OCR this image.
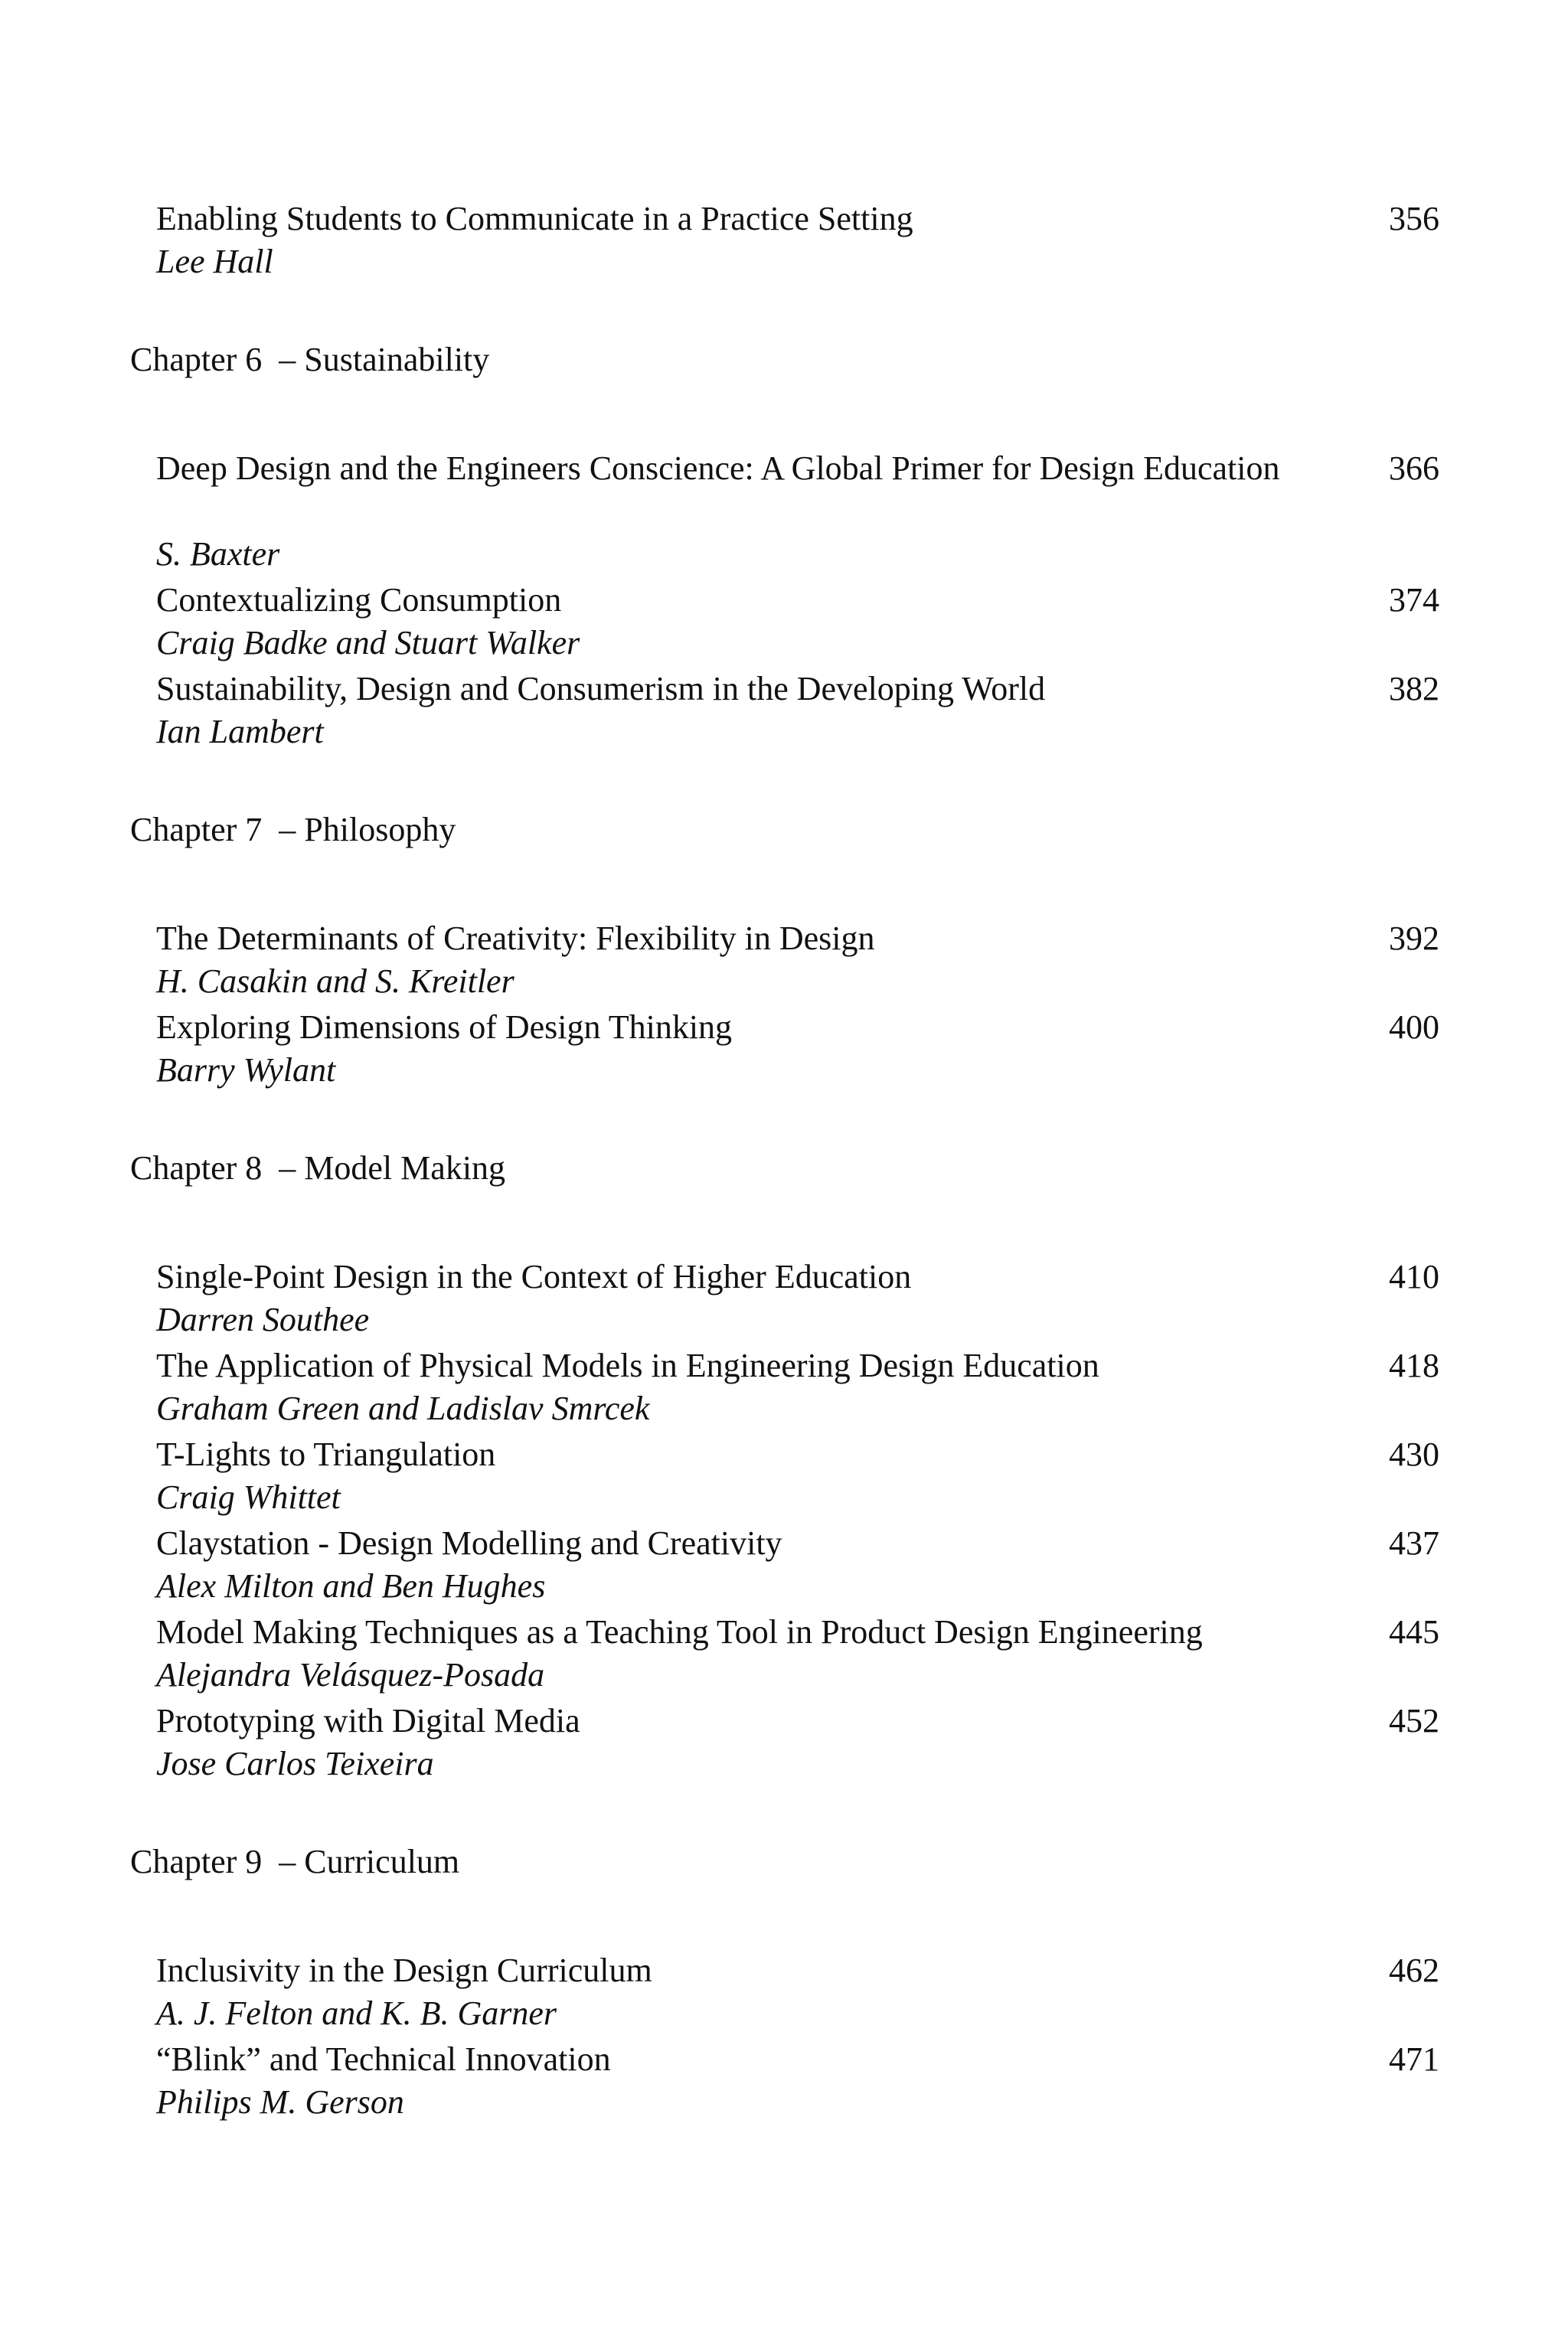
Enabling Students to Communicate in a Practice Setting	356
Lee Hall
Chapter 6  – Sustainability
Deep Design and the Engineers Conscience: A Global Primer for Design Education	366
S. Baxter
Contextualizing Consumption	374
Craig Badke and Stuart Walker
Sustainability, Design and Consumerism in the Developing World	382
Ian Lambert
Chapter 7  – Philosophy
The Determinants of Creativity: Flexibility in Design	392
H. Casakin and S. Kreitler
Exploring Dimensions of Design Thinking	400
Barry Wylant
Chapter 8  – Model Making
Single-Point Design in the Context of Higher Education	410
Darren Southee
The Application of Physical Models in Engineering Design Education	418
Graham Green and Ladislav Smrcek
T-Lights to Triangulation	430
Craig Whittet
Claystation - Design Modelling and Creativity	437
Alex Milton and Ben Hughes
Model Making Techniques as a Teaching Tool in Product Design Engineering	445
Alejandra Velásquez-Posada
Prototyping with Digital Media	452
Jose Carlos Teixeira
Chapter 9  – Curriculum
Inclusivity in the Design Curriculum	462
A. J. Felton and K. B. Garner
“Blink” and Technical Innovation	471
Philips M. Gerson
